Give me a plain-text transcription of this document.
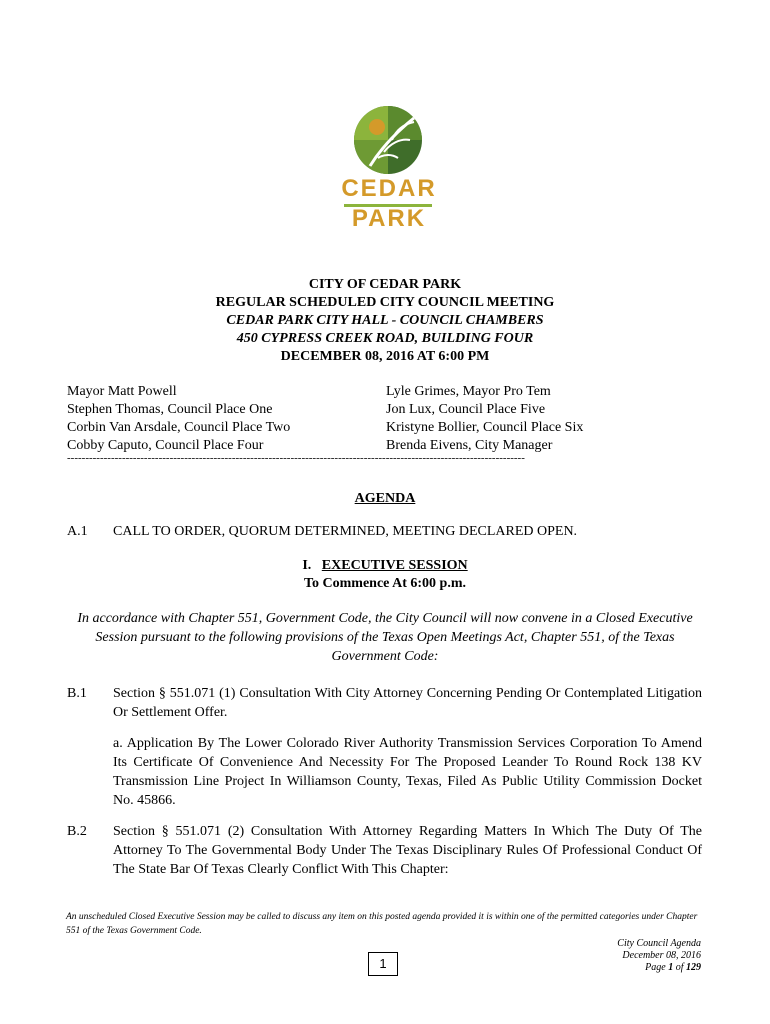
CEDAR
PARK
CITY OF CEDAR PARK
REGULAR SCHEDULED CITY COUNCIL MEETING
CEDAR PARK CITY HALL - COUNCIL CHAMBERS
450 CYPRESS CREEK ROAD, BUILDING FOUR
DECEMBER 08, 2016 AT 6:00 PM
Mayor Matt Powell
Stephen Thomas, Council Place One
Corbin Van Arsdale, Council Place Two
Cobby Caputo, Council Place Four
Lyle Grimes, Mayor Pro Tem
Jon Lux, Council Place Five
Kristyne Bollier, Council Place Six
Brenda Eivens, City Manager
-----------------------------------------------------------------------------------------------------------------------------
AGENDA
A.1 CALL TO ORDER, QUORUM DETERMINED, MEETING DECLARED OPEN.
I. EXECUTIVE SESSION
To Commence At 6:00 p.m.
In accordance with Chapter 551, Government Code, the City Council will now convene in a Closed Executive Session pursuant to the following provisions of the Texas Open Meetings Act, Chapter 551, of the Texas Government Code:
B.1 Section § 551.071 (1) Consultation With City Attorney Concerning Pending Or Contemplated Litigation Or Settlement Offer.
a. Application By The Lower Colorado River Authority Transmission Services Corporation To Amend Its Certificate Of Convenience And Necessity For The Proposed Leander To Round Rock 138 KV Transmission Line Project In Williamson County, Texas, Filed As Public Utility Commission Docket No. 45866.
B.2 Section § 551.071 (2) Consultation With Attorney Regarding Matters In Which The Duty Of The Attorney To The Governmental Body Under The Texas Disciplinary Rules Of Professional Conduct Of The State Bar Of Texas Clearly Conflict With This Chapter:
An unscheduled Closed Executive Session may be called to discuss any item on this posted agenda provided it is within one of the permitted categories under Chapter 551 of the Texas Government Code.
1
City Council Agenda
December 08, 2016
Page 1 of 129
